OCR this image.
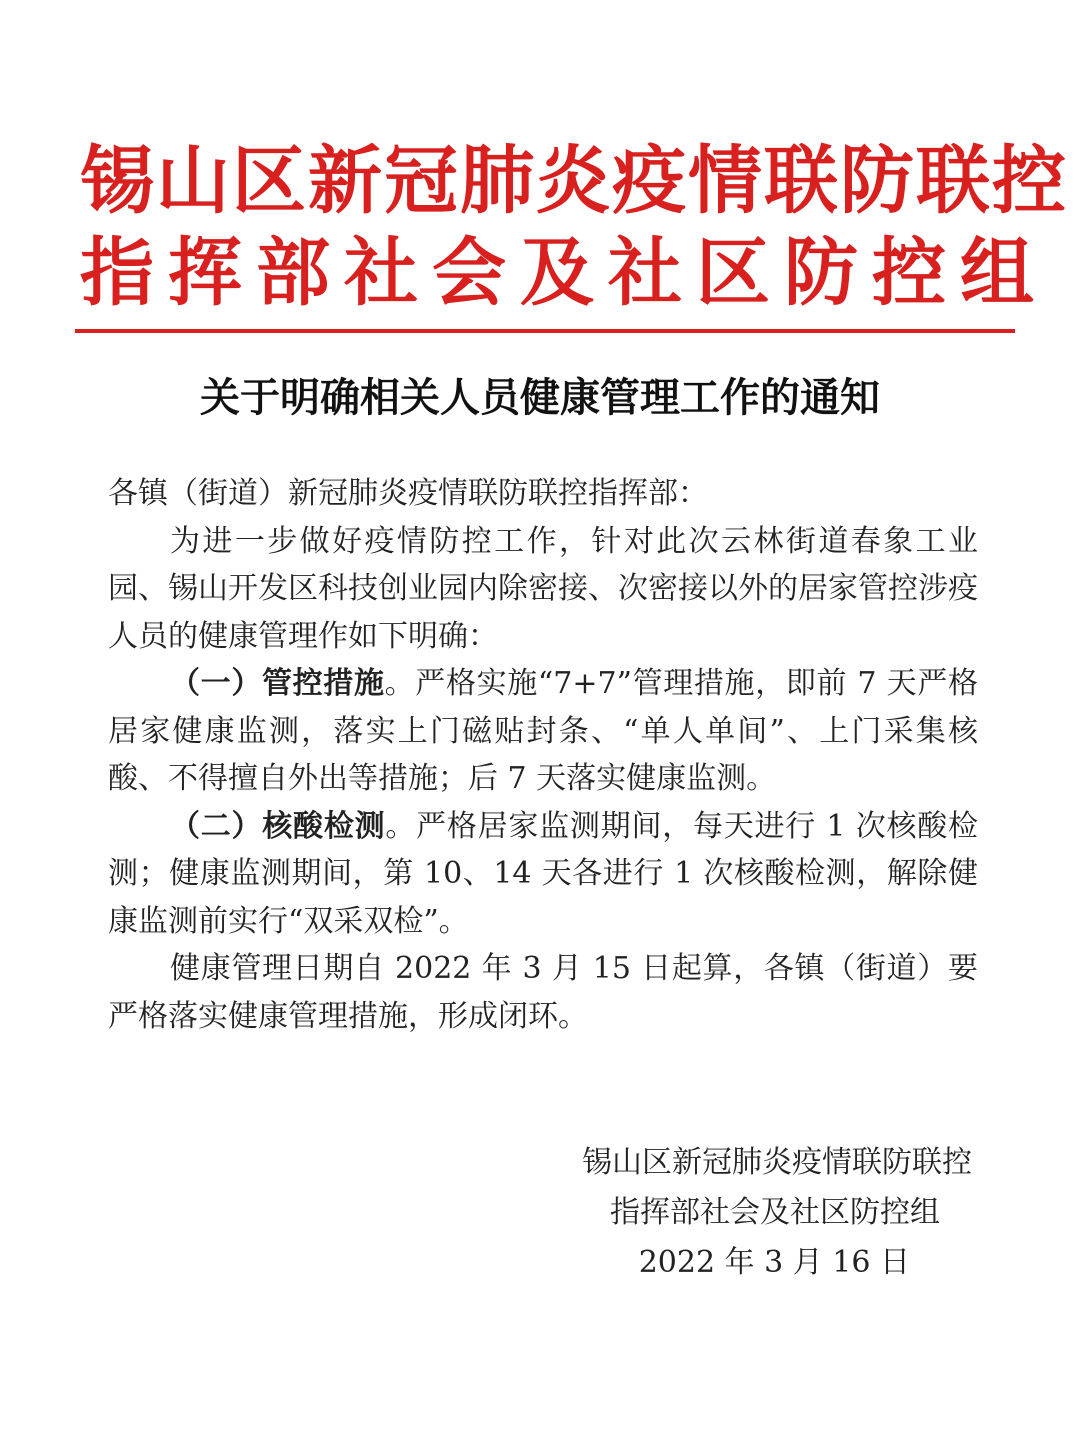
锡山区新冠肺炎疫情联防联控
指挥部社会及社区防控组
关于明确相关人员健康管理工作的通知

各镇（街道）新冠肺炎疫情联防联控指挥部：

为进一步做好疫情防控工作，针对此次云林街道春象工业园、锡山开发区科技创业园内除密接、次密接以外的居家管控涉疫人员的健康管理作如下明确：

（一）管控措施。严格实施“7+7”管理措施，即前 7 天严格居家健康监测，落实上门磁贴封条、“单人单间”、上门采集核酸、不得擅自外出等措施；后 7 天落实健康监测。

（二）核酸检测。严格居家监测期间，每天进行 1 次核酸检测；健康监测期间，第 10、14 天各进行 1 次核酸检测，解除健康监测前实行“双采双检”。

健康管理日期自 2022 年 3 月 15 日起算，各镇（街道）要严格落实健康管理措施，形成闭环。

锡山区新冠肺炎疫情联防联控
指挥部社会及社区防控组
2022 年 3 月 16 日
